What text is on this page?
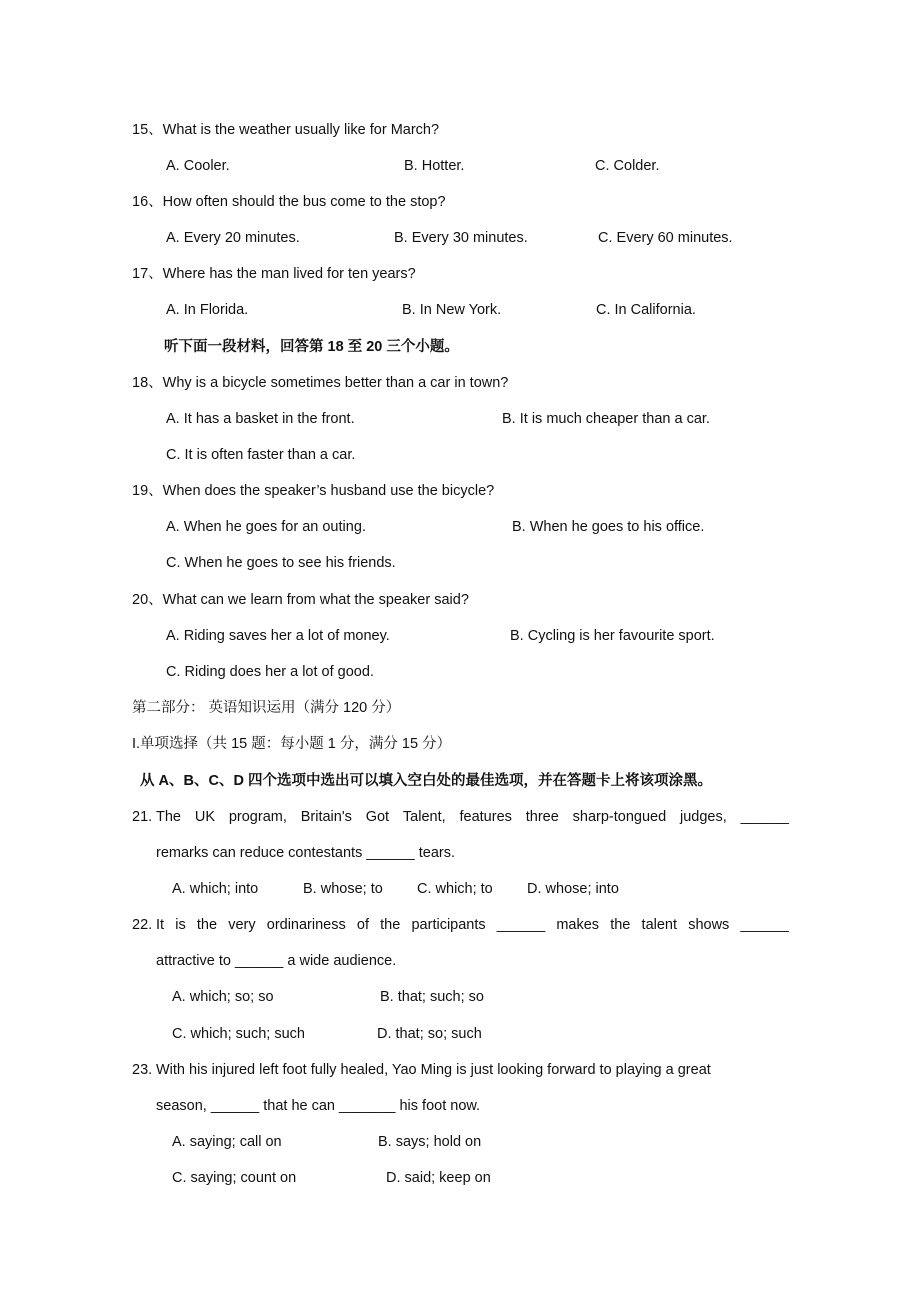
15、What is the weather usually like for March?
A. Cooler.	B. Hotter.	C. Colder.
16、How often should the bus come to the stop?
A. Every 20 minutes.	B. Every 30 minutes.	C. Every 60 minutes.
17、Where has the man lived for ten years?
A. In Florida.	B. In New York.	C. In California.
听下面一段材料，回答第 18 至 20 三个小题。
18、Why is a bicycle sometimes better than a car in town?
A. It has a basket in the front.	B. It is much cheaper than a car.
C. It is often faster than a car.
19、When does the speaker’s husband use the bicycle?
A. When he goes for an outing.	B. When he goes to his office.
C. When he goes to see his friends.
20、What can we learn from what the speaker said?
A. Riding saves her a lot of money.	B. Cycling is her favourite sport.
C. Riding does her a lot of good.
第二部分： 英语知识运用（满分 120 分）
I.单项选择（共 15 题：每小题 1 分，满分 15 分）
从 A、B、C、D 四个选项中选出可以填入空白处的最佳选项，并在答题卡上将该项涂黑。
21. The UK program, Britain's Got Talent, features three sharp-tongued judges, ______
remarks can reduce contestants ______ tears.
A. which; into	B. whose; to C. which; to D. whose; into
22. It is the very ordinariness of the participants ______ makes the talent shows ______
attractive to ______ a wide audience.
A. which; so; so	B. that; such; so
C. which; such; such	D. that; so; such
23. With his injured left foot fully healed, Yao Ming is just looking forward to playing a great
season, ______ that he can _______ his foot now.
A. saying; call on	B. says; hold on
C. saying; count on	D. said; keep on
